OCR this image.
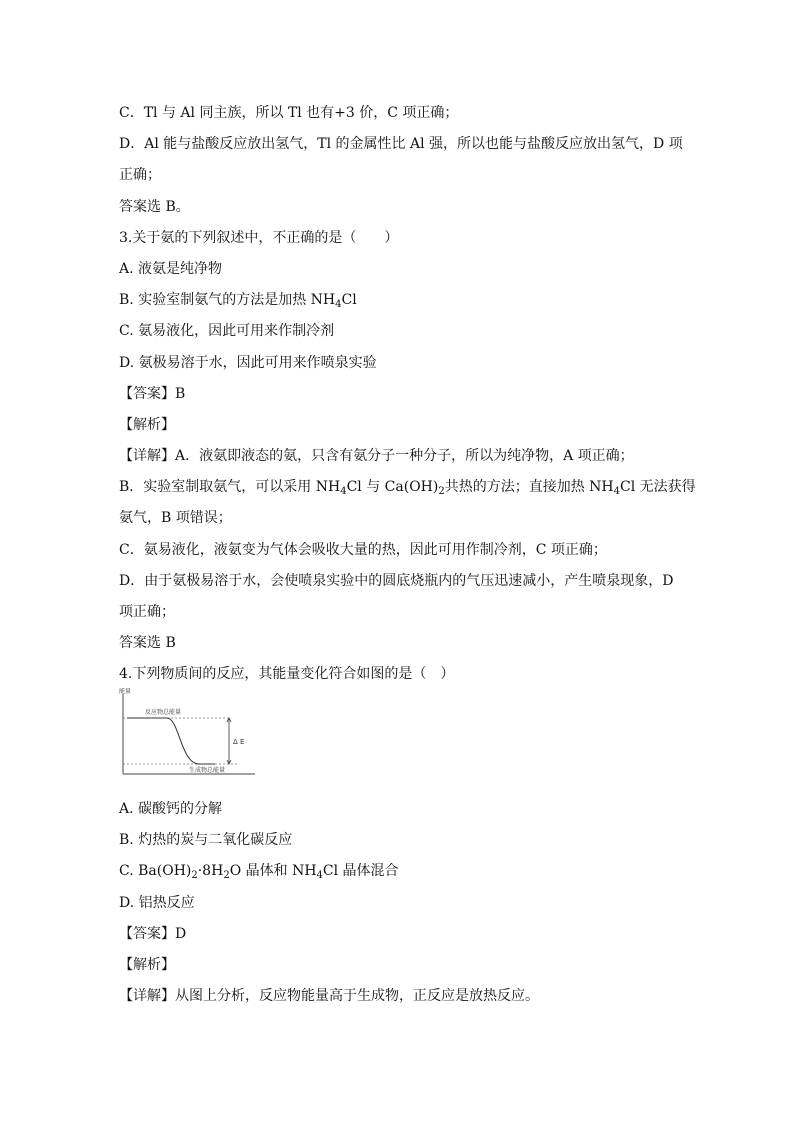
C．Tl 与 Al 同主族，所以 Tl 也有+3 价，C 项正确；
D．Al 能与盐酸反应放出氢气，Tl 的金属性比 Al 强，所以也能与盐酸反应放出氢气，D 项
正确；
答案选 B。
3.关于氨的下列叙述中，不正确的是（　　）
A. 液氨是纯净物
B. 实验室制氨气的方法是加热 $NH_4Cl$
C. 氨易液化，因此可用来作制冷剂
D. 氨极易溶于水，因此可用来作喷泉实验
【答案】B
【解析】
【详解】A．液氨即液态的氨，只含有氨分子一种分子，所以为纯净物，A 项正确；
B．实验室制取氨气，可以采用 $NH_4Cl$ 与 $Ca(OH)_2$共热的方法；直接加热 $NH_4Cl$ 无法获得
氨气，B 项错误；
C．氨易液化，液氨变为气体会吸收大量的热，因此可用作制冷剂，C 项正确；
D．由于氨极易溶于水，会使喷泉实验中的圆底烧瓶内的气压迅速减小，产生喷泉现象，D
项正确；
答案选 B
4.下列物质间的反应，其能量变化符合如图的是（　）
能量
反应物总能量
生成物总能量
Δ E
A. 碳酸钙的分解
B. 灼热的炭与二氧化碳反应
C. $Ba(OH)_2\cdot 8H_2O$ 晶体和 $NH_4Cl$ 晶体混合
D. 铝热反应
【答案】D
【解析】
【详解】从图上分析，反应物能量高于生成物，正反应是放热反应。
